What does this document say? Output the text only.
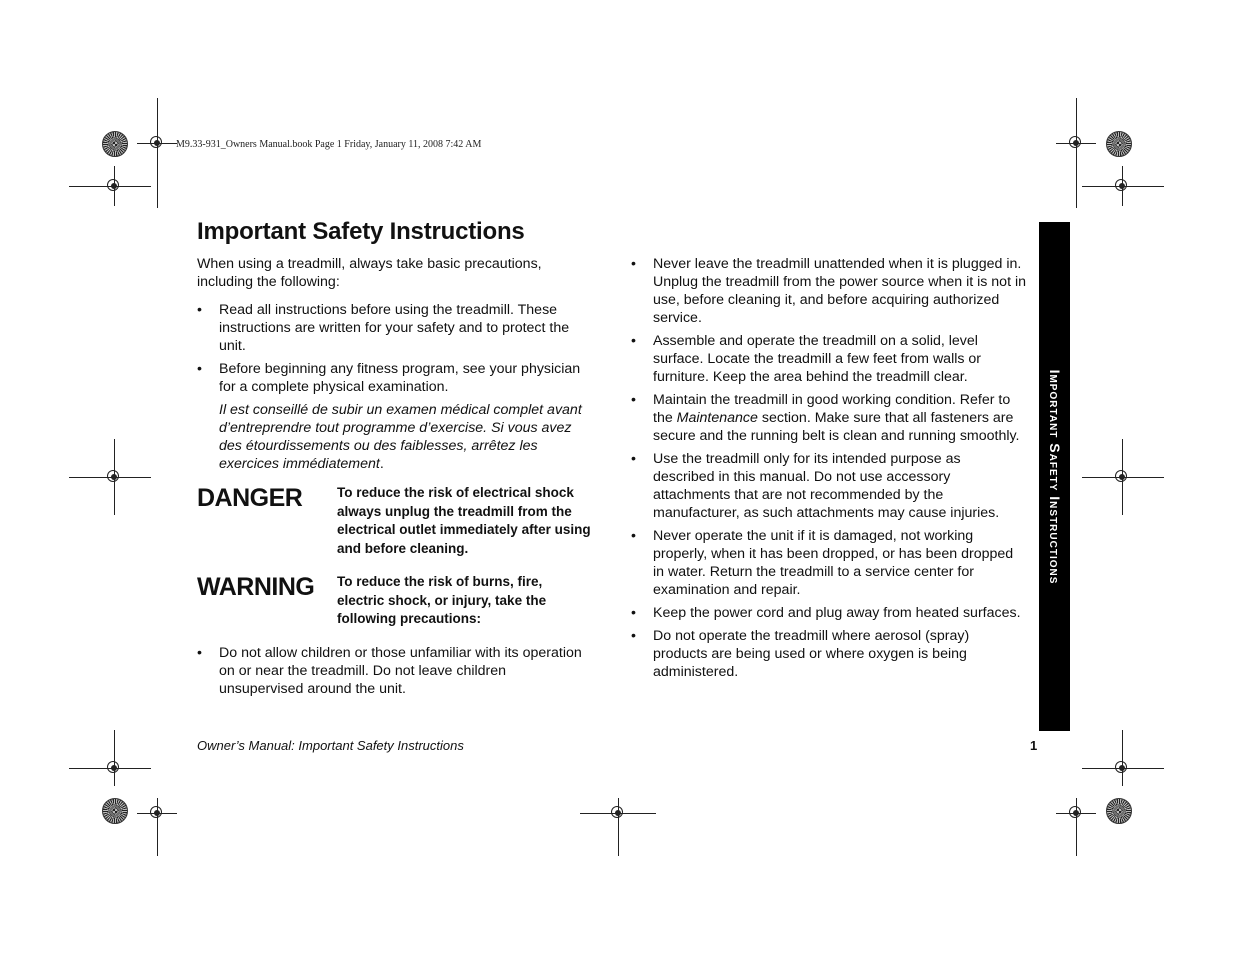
M9.33-931_Owners Manual.book Page 1 Friday, January 11, 2008 7:42 AM
Important Safety Instructions

When using a treadmill, always take basic precautions, including the following:

• Read all instructions before using the treadmill. These instructions are written for your safety and to protect the unit.
• Before beginning any fitness program, see your physician for a complete physical examination.

Il est conseillé de subir un examen médical complet avant d’entreprendre tout programme d’exercise. Si vous avez des étourdissements ou des faiblesses, arrêtez les exercices immédiatement.

DANGER	To reduce the risk of electrical shock always unplug the treadmill from the electrical outlet immediately after using and before cleaning.
WARNING	To reduce the risk of burns, fire, electric shock, or injury, take the following precautions:
• Do not allow children or those unfamiliar with its operation on or near the treadmill. Do not leave children unsupervised around the unit.
• Never leave the treadmill unattended when it is plugged in. Unplug the treadmill from the power source when it is not in use, before cleaning it, and before acquiring authorized service.
• Assemble and operate the treadmill on a solid, level surface. Locate the treadmill a few feet from walls or furniture. Keep the area behind the treadmill clear.
• Maintain the treadmill in good working condition. Refer to the Maintenance section. Make sure that all fasteners are secure and the running belt is clean and running smoothly.
• Use the treadmill only for its intended purpose as described in this manual. Do not use accessory attachments that are not recommended by the manufacturer, as such attachments may cause injuries.
• Never operate the unit if it is damaged, not working properly, when it has been dropped, or has been dropped in water. Return the treadmill to a service center for examination and repair.
• Keep the power cord and plug away from heated surfaces.
• Do not operate the treadmill where aerosol (spray) products are being used or where oxygen is being administered.
Important Safety Instructions
Owner’s Manual: Important Safety Instructions	1
